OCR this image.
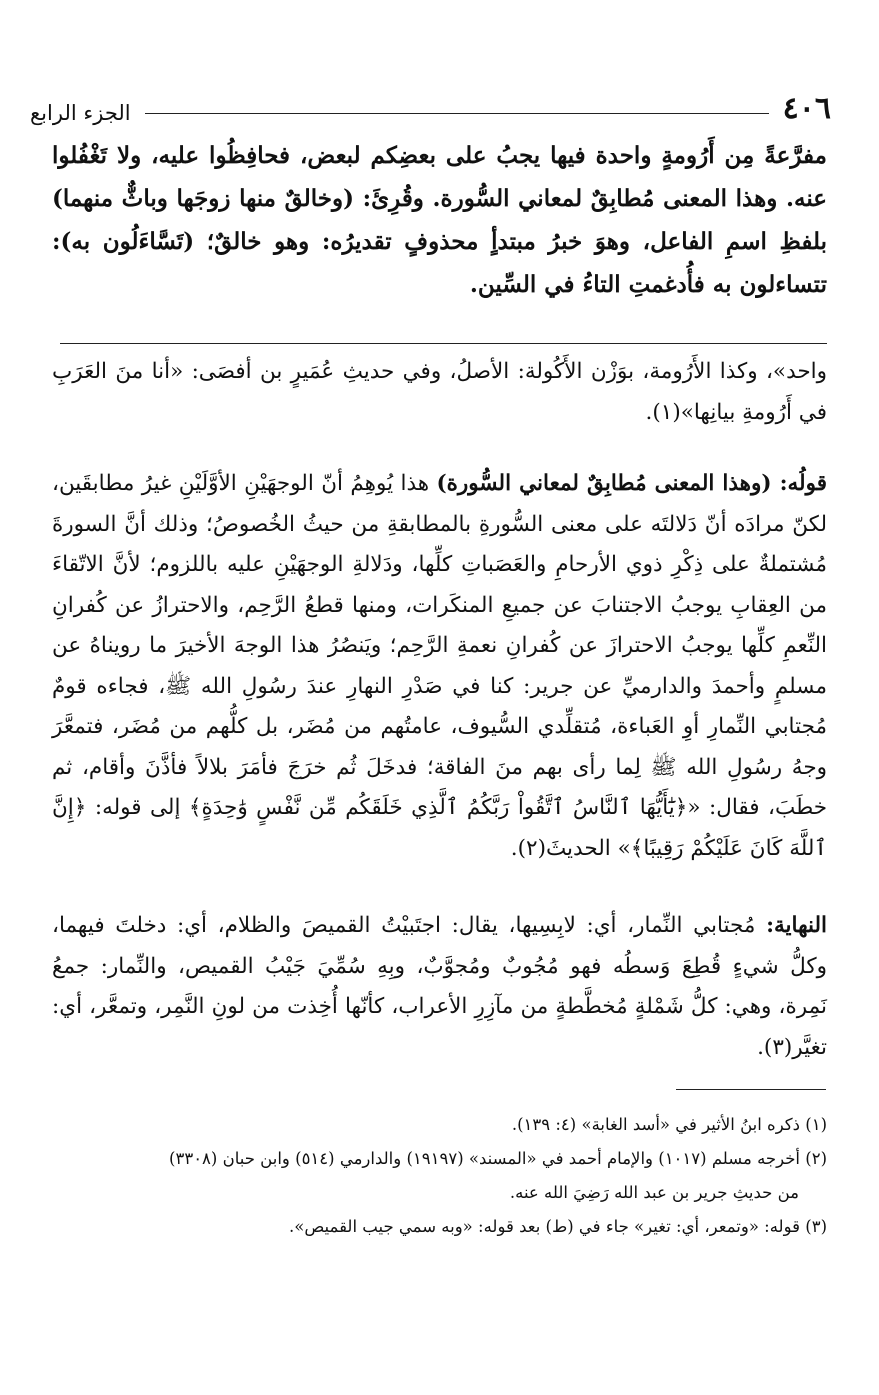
٤٠٦
الجزء الرابع
مفرَّعةً مِن أَرُومةٍ واحدة فيها يجبُ على بعضِكم لبعض، فحافِظُوا عليه، ولا تَغْفُلوا عنه. وهذا المعنى مُطابِقٌ لمعاني السُّورة. وقُرِئَ: (وخالقٌ منها زوجَها وباثٌّ منهما) بلفظِ اسمِ الفاعل، وهوَ خبرُ مبتدأٍ محذوفٍ تقديرُه: وهو خالقٌ؛ (تَسَّاءَلُون به): تتساءلون به فأُدغمتِ التاءُ في السِّين.

واحد»، وكذا الأَرُومة، بوَزْن الأَكُولة: الأصلُ، وفي حديثِ عُمَيرٍ بن أفصَى: «أنا منَ العَرَبِ في أَرُومةِ بيانِها»(١).

قولُه: (وهذا المعنى مُطابِقٌ لمعاني السُّورة) هذا يُوهِمُ أنّ الوجهَيْنِ الأوَّلَيْنِ غيرُ مطابقَين، لكنّ مرادَه أنّ دَلالتَه على معنى السُّورةِ بالمطابقةِ من حيثُ الخُصوصُ؛ وذلك أنَّ السورةَ مُشتملةٌ على ذِكْرِ ذوي الأرحامِ والعَصَباتِ كلِّها، ودَلالةِ الوجهَيْنِ عليه باللزوم؛ لأنَّ الاتّقاءَ من العِقابِ يوجبُ الاجتنابَ عن جميعِ المنكَرات، ومنها قطعُ الرَّحِم، والاحترازُ عن كُفرانِ النِّعمِ كلِّها يوجبُ الاحترازَ عن كُفرانِ نعمةِ الرَّحِم؛ ويَنصُرُ هذا الوجهَ الأخيرَ ما رويناهُ عن مسلمٍ وأحمدَ والدارميِّ عن جرير: كنا في صَدْرِ النهارِ عندَ رسُولِ الله ﷺ، فجاءه قومٌ مُجتابي النِّمارِ أوِ العَباءة، مُتقلِّدي السُّيوف، عامتُهم من مُضَر، بل كلُّهم من مُضَر، فتمعَّرَ وجهُ رسُولِ الله ﷺ لِما رأى بهم منَ الفاقة؛ فدخَلَ ثُم خرَجَ فأمَرَ بلالاً فأذَّنَ وأقام، ثم خطَبَ، فقال: «﴿يَٰٓأَيُّهَا ٱلنَّاسُ ٱتَّقُواْ رَبَّكُمُ ٱلَّذِي خَلَقَكُم مِّن نَّفْسٍ وَٰحِدَةٍ﴾ إلى قوله: ﴿إِنَّ ٱللَّهَ كَانَ عَلَيْكُمْ رَقِيبًا﴾» الحديثَ(٢).

النهاية: مُجتابي النِّمار، أي: لابِسِيها، يقال: اجتَبيْتُ القميصَ والظلام، أي: دخلتَ فيهما، وكلُّ شيءٍ قُطِعَ وَسطُه فهو مُجُوبٌ ومُجوَّبٌ، وبِهِ سُمِّيَ جَيْبُ القميص، والنِّمار: جمعُ نَمِرة، وهي: كلُّ شَمْلةٍ مُخطَّطةٍ من مآزِرِ الأعراب، كأنّها أُخِذت من لونِ النَّمِر، وتمعَّر، أي: تغيَّر(٣).

(١) ذكره ابنُ الأثير في «أسد الغابة» (٤: ١٣٩).

(٢) أخرجه مسلم (١٠١٧) والإمام أحمد في «المسند» (١٩١٩٧) والدارمي (٥١٤) وابن حبان (٣٣٠٨)

من حديثِ جرير بن عبد الله رَضِيَ الله عنه.

(٣) قوله: «وتمعر، أي: تغير» جاء في (ط) بعد قوله: «وبه سمي جيب القميص».
